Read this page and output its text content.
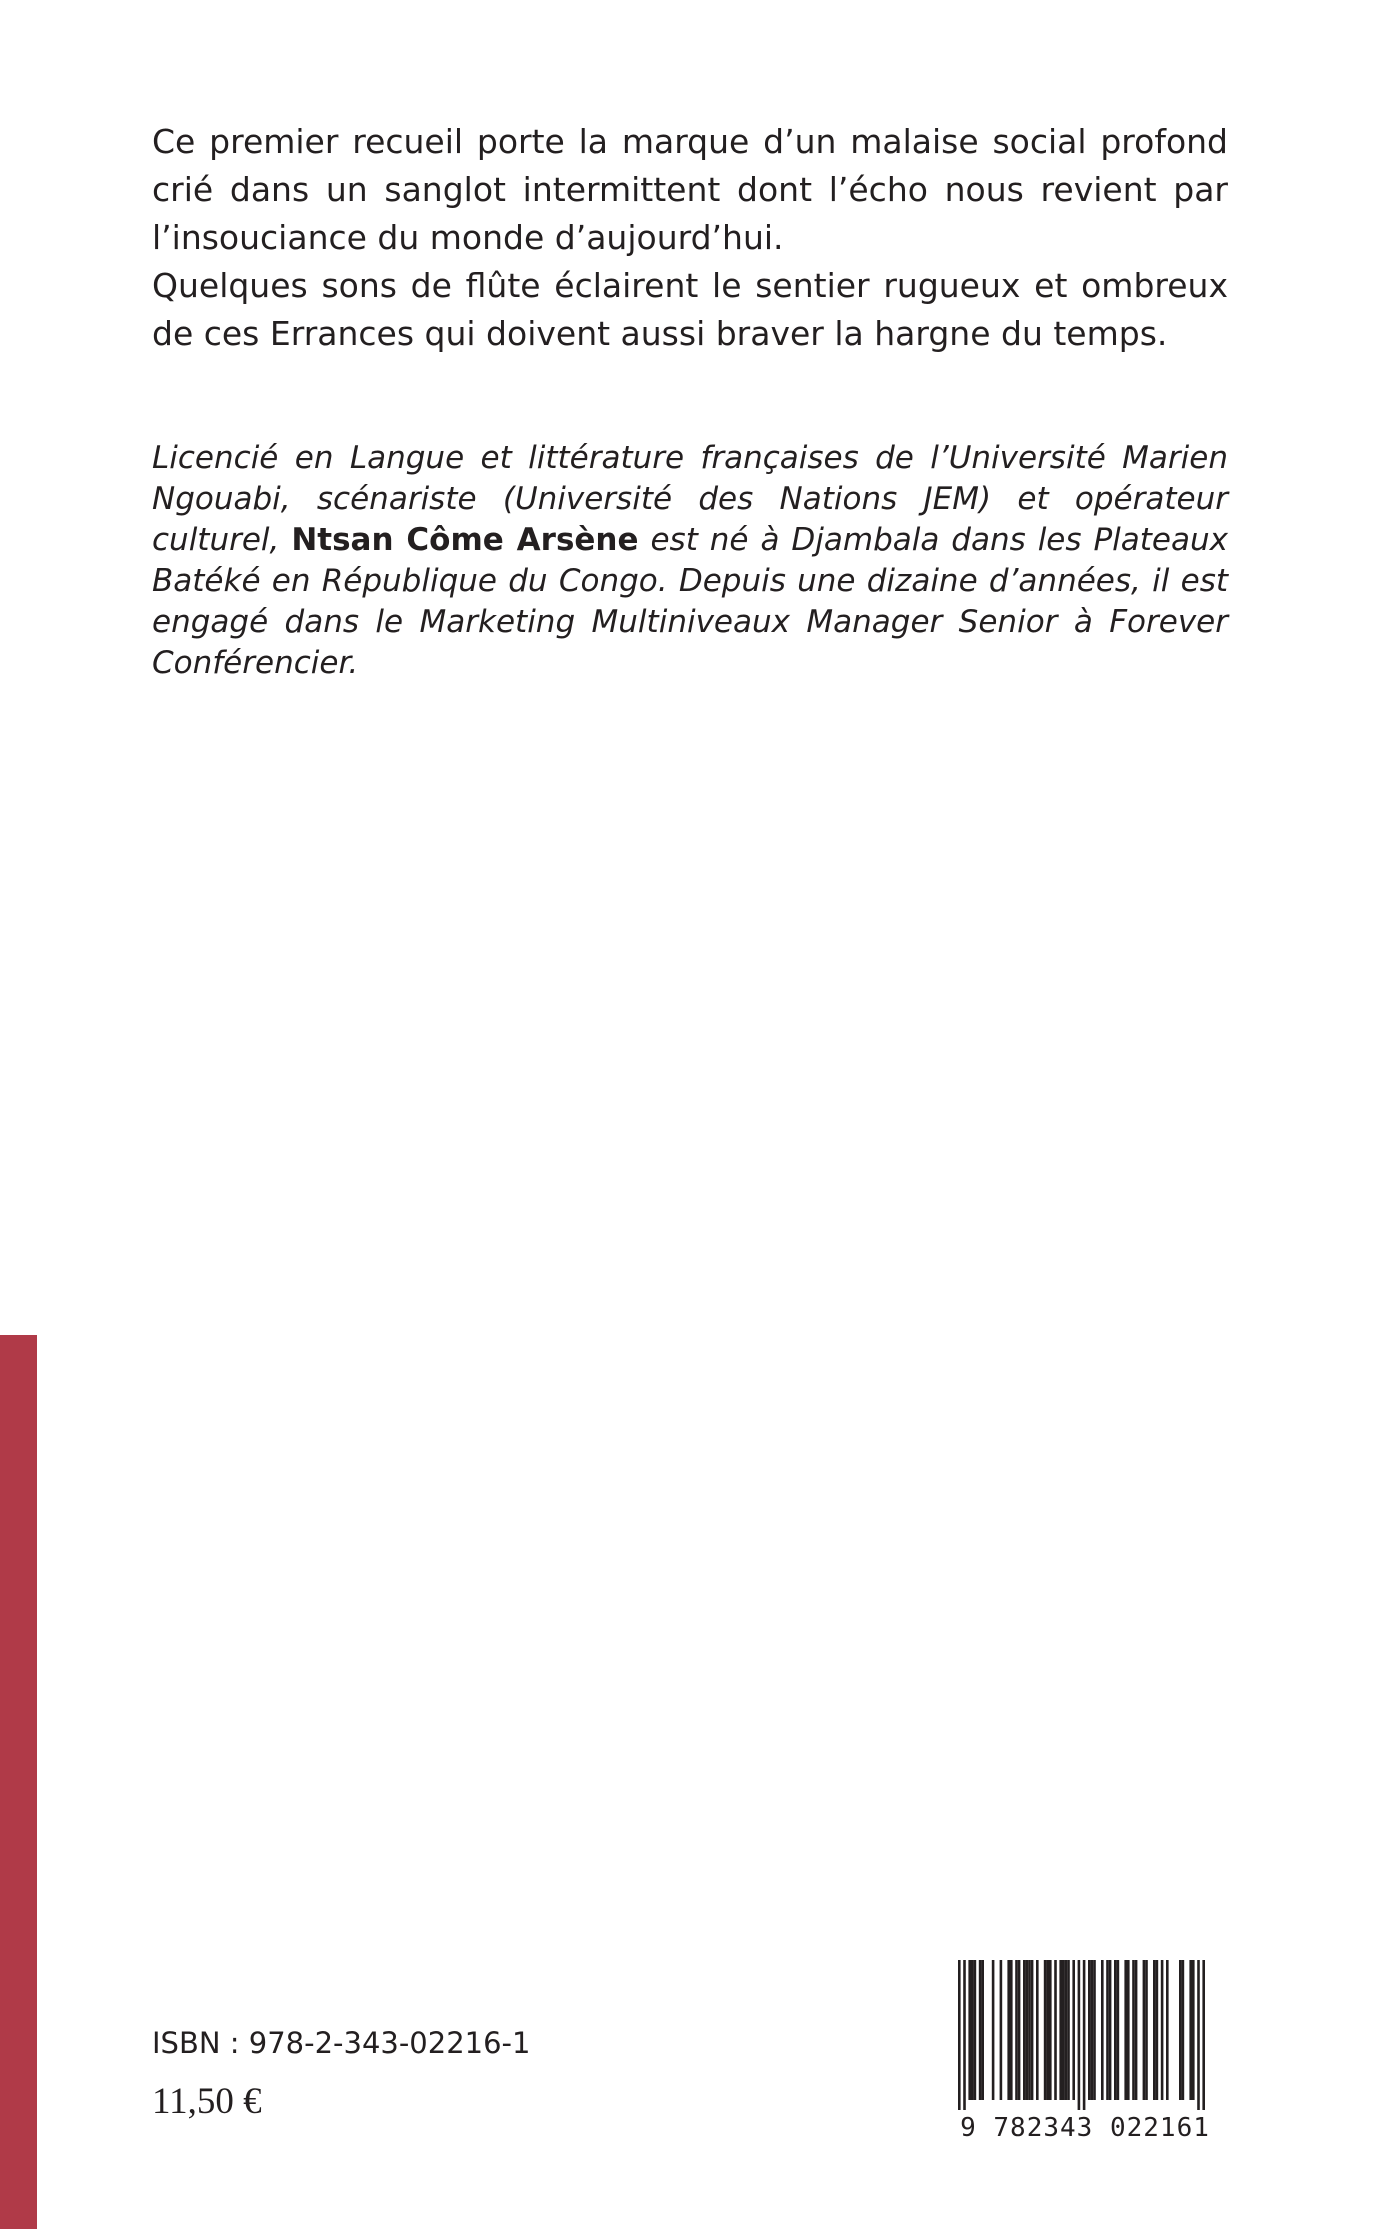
Ce premier recueil porte la marque d’un malaise social profond crié dans un sanglot intermittent dont l’écho nous revient par l’insouciance du monde d’aujourd’hui.

Quelques sons de flûte éclairent le sentier rugueux et ombreux de ces Errances qui doivent aussi braver la hargne du temps.

Licencié en Langue et littérature françaises de l’Université Marien Ngouabi, scénariste (Université des Nations JEM) et opérateur culturel, Ntsan Côme Arsène est né à Djambala dans les Plateaux Batéké en République du Congo. Depuis une dizaine d’années, il est engagé dans le Marketing Multiniveaux Manager Senior à Forever Conférencier.

ISBN : 978-2-343-02216-1
11,50 €
9 782343 022161
